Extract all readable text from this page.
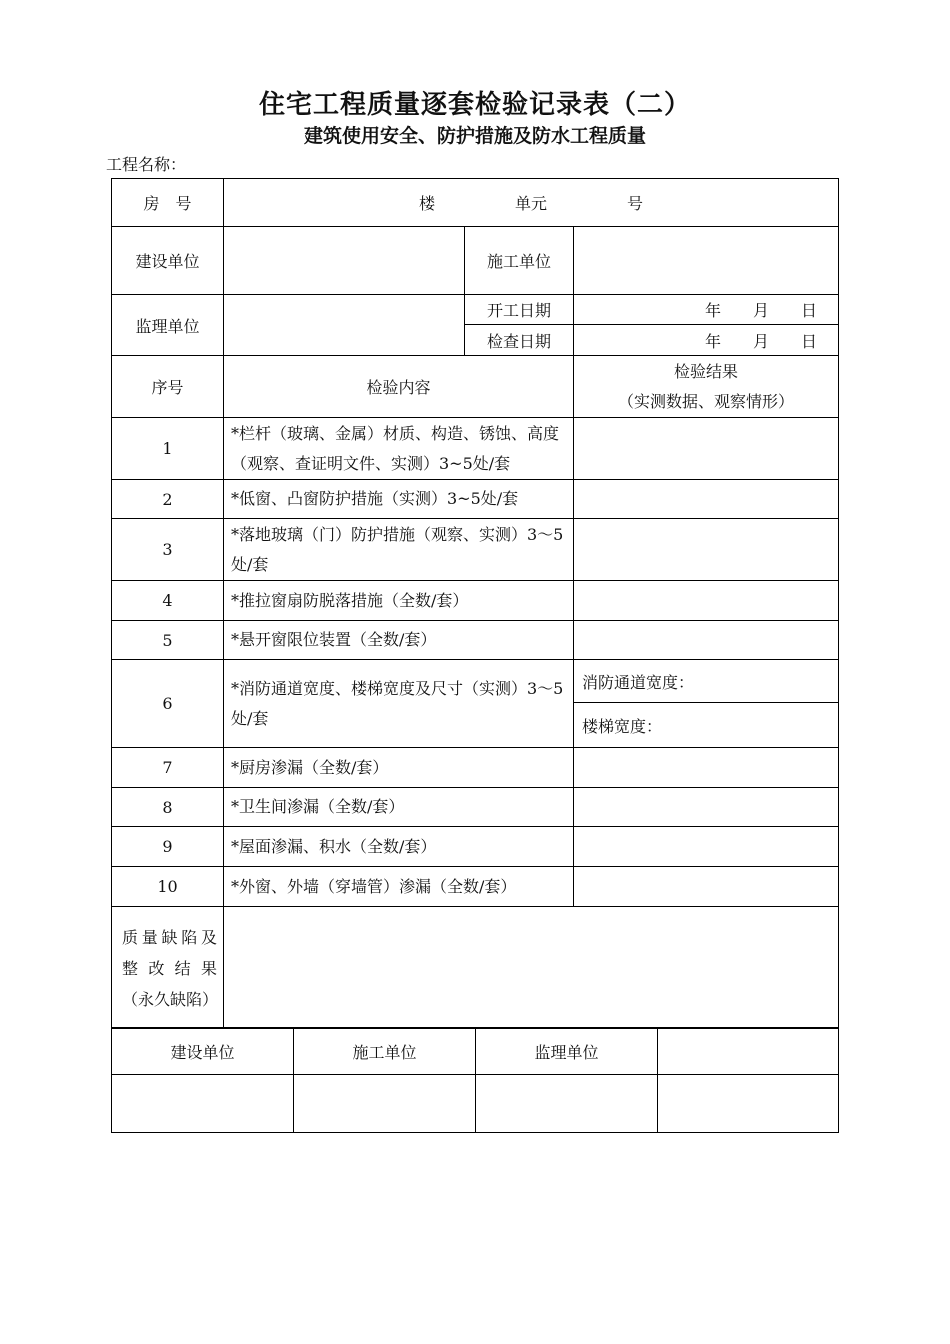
住宅工程质量逐套检验记录表（二）
建筑使用安全、防护措施及防水工程质量
工程名称：
房　号	楼　　　　　单元　　　　　号		
建设单位		施工单位	
监理单位		开工日期	年　　月　　日
		检查日期	年　　月　　日
序号	检验内容		检验结果
（实测数据、观察情形）

1	*栏杆（玻璃、金属）材质、构造、锈蚀、高度（观察、查证明文件、实测）3~5处/套		
2	*低窗、凸窗防护措施（实测）3~5处/套		
3	*落地玻璃（门）防护措施（观察、实测）3～5处/套		
4	*推拉窗扇防脱落措施（全数/套）		
5	*悬开窗限位装置（全数/套）		
6	*消防通道宽度、楼梯宽度及尺寸（实测）3～5处/套		消防通道宽度：
			楼梯宽度：
7	*厨房渗漏（全数/套）		
8	*卫生间渗漏（全数/套）		
9	*屋面渗漏、积水（全数/套）		
10	*外窗、外墙（穿墙管）渗漏（全数/套）		
质量缺陷及整改结果（永久缺陷）			
建设单位	施工单位	监理单位	
